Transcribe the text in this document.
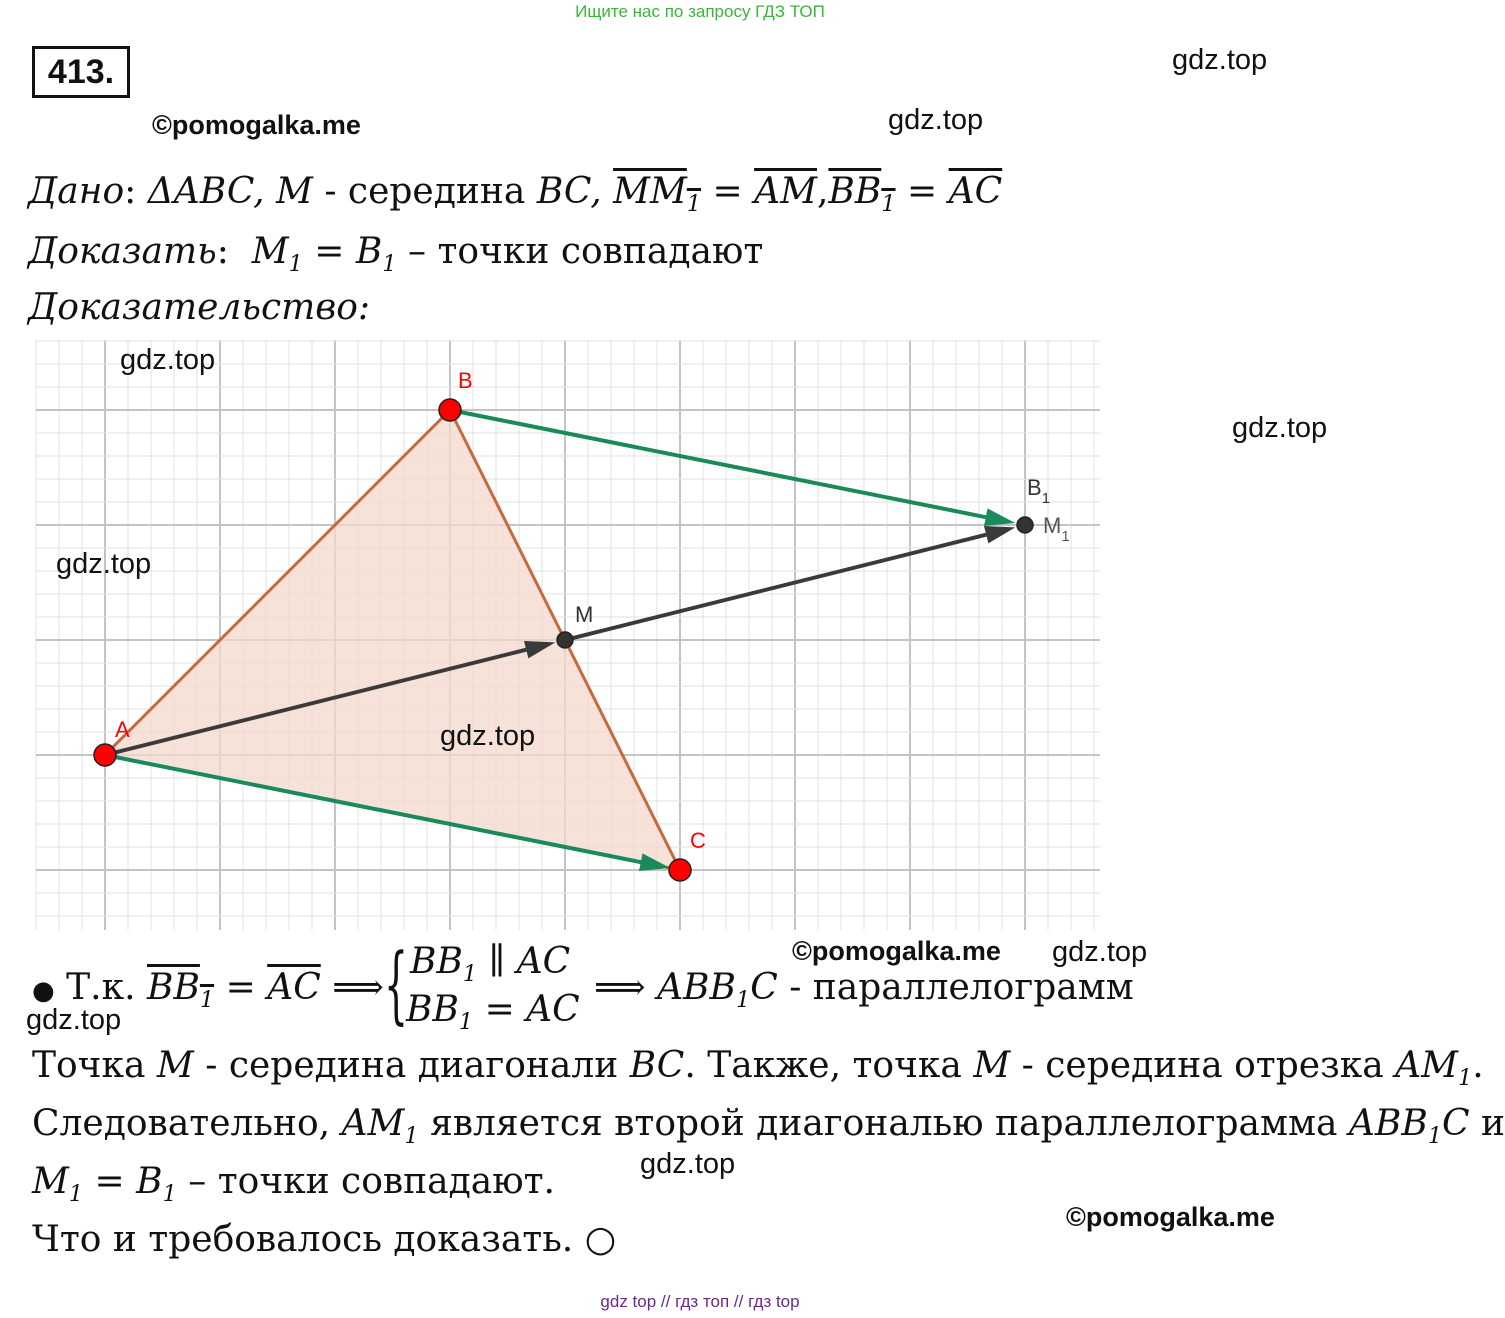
Ищите нас по запросу ГДЗ ТОП
413.	gdz.top
©pomogalka.me	gdz.top
Дано: ΔABC, M - середина BC, $MM_1 = \overline{AM},BB_1 = \overline{AC}$
Доказать:  $M_1 = B_1$ – точки совпадают
Доказательство:
A
B
C
M
$B_1$
$M_1$
gdz.top
gdz.top
gdz.top
gdz.top
©pomogalka.me gdz.top
● Т.к. $BB_1 = \overline{AC}$ ⟹ { $BB_1$ ∥ AC
$BB_1$ = AC
⟹ $ABB_1C$ - параллелограмм
gdz.top
Точка M - середина диагонали BC. Также, точка M - середина отрезка $AM_1$.
Следовательно, $AM_1$ является второй диагональю параллелограмма $ABB_1C$ и
$M_1 = B_1$ – точки совпадают.	gdz.top
©pomogalka.me
Что и требовалось доказать. ○
gdz top // гдз топ // гдз top
